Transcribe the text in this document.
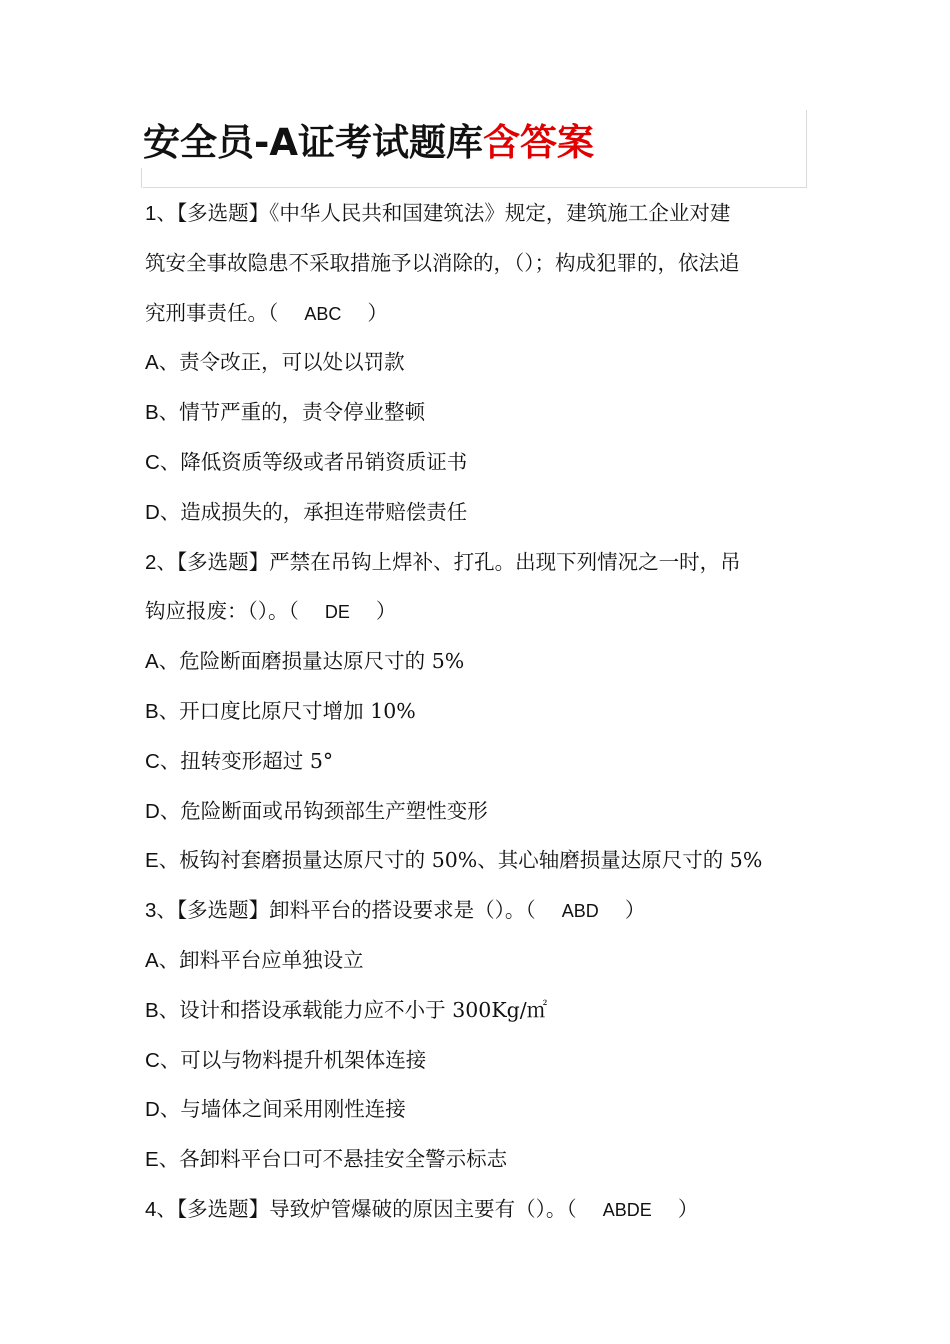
安全员-A证考试题库含答案
1、【多选题】《中华人民共和国建筑法》规定，建筑施工企业对建
筑安全事故隐患不采取措施予以消除的，（）；构成犯罪的，依法追
究刑事责任。（ ABC ）
A、责令改正，可以处以罚款
B、情节严重的，责令停业整顿
C、降低资质等级或者吊销资质证书
D、造成损失的，承担连带赔偿责任
2、【多选题】严禁在吊钩上焊补、打孔。出现下列情况之一时，吊
钩应报废：（）。（ DE ）
A、危险断面磨损量达原尺寸的 5%
B、开口度比原尺寸增加 10%
C、扭转变形超过 5°
D、危险断面或吊钩颈部生产塑性变形
E、板钩衬套磨损量达原尺寸的 50%、其心轴磨损量达原尺寸的 5%
3、【多选题】卸料平台的搭设要求是（）。（ ABD ）
A、卸料平台应单独设立
B、设计和搭设承载能力应不小于 300Kg/㎡
C、可以与物料提升机架体连接
D、与墙体之间采用刚性连接
E、各卸料平台口可不悬挂安全警示标志
4、【多选题】导致炉管爆破的原因主要有（）。（ ABDE ）
